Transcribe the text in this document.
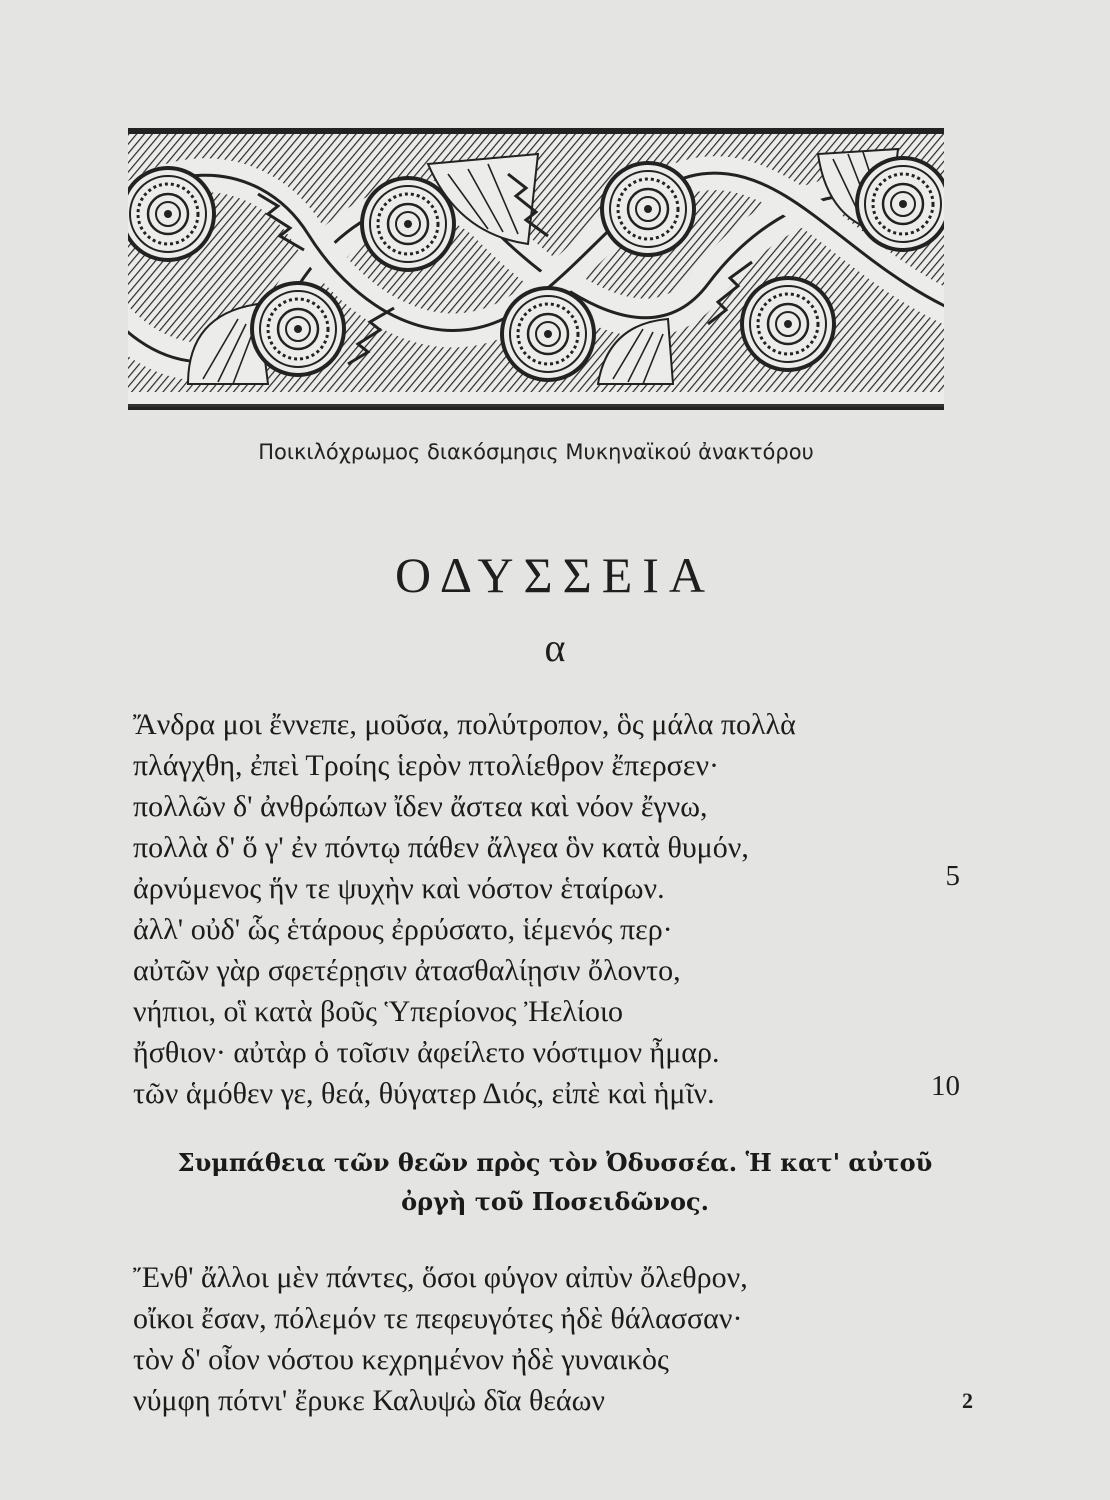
Ποικιλόχρωμος διακόσμησις Μυκηναϊκού ἀνακτόρου
ΟΔΥΣΣΕΙΑ
α
Ἄνδρα μοι ἔννεπε, μοῦσα, πολύτροπον, ὃς μάλα πολλὰ
πλάγχθη, ἐπεὶ Τροίης ἱερὸν πτολίεθρον ἔπερσεν·
πολλῶν δ' ἀνθρώπων ἴδεν ἄστεα καὶ νόον ἔγνω,
πολλὰ δ' ὅ γ' ἐν πόντῳ πάθεν ἄλγεα ὃν κατὰ θυμόν,
ἀρνύμενος ἥν τε ψυχὴν καὶ νόστον ἑταίρων.	5
ἀλλ' οὐδ' ὧς ἑτάρους ἐρρύσατο, ἱέμενός περ·
αὐτῶν γὰρ σφετέρῃσιν ἀτασθαλίῃσιν ὄλοντο,
νήπιοι, οἳ κατὰ βοῦς Ὑπερίονος Ἠελίοιο
ἤσθιον· αὐτὰρ ὁ τοῖσιν ἀφείλετο νόστιμον ἦμαρ.
τῶν ἁμόθεν γε, θεά, θύγατερ Διός, εἰπὲ καὶ ἡμῖν.	10
Συμπάθεια τῶν θεῶν πρὸς τὸν Ὀδυσσέα. Ἡ κατ' αὐτοῦ
ὀργὴ τοῦ Ποσειδῶνος.
Ἔνθ' ἄλλοι μὲν πάντες, ὅσοι φύγον αἰπὺν ὄλεθρον,
οἴκοι ἔσαν, πόλεμόν τε πεφευγότες ἠδὲ θάλασσαν·
τὸν δ' οἶον νόστου κεχρημένον ἠδὲ γυναικὸς
νύμφη πότνι' ἔρυκε Καλυψὼ δῖα θεάων	2
